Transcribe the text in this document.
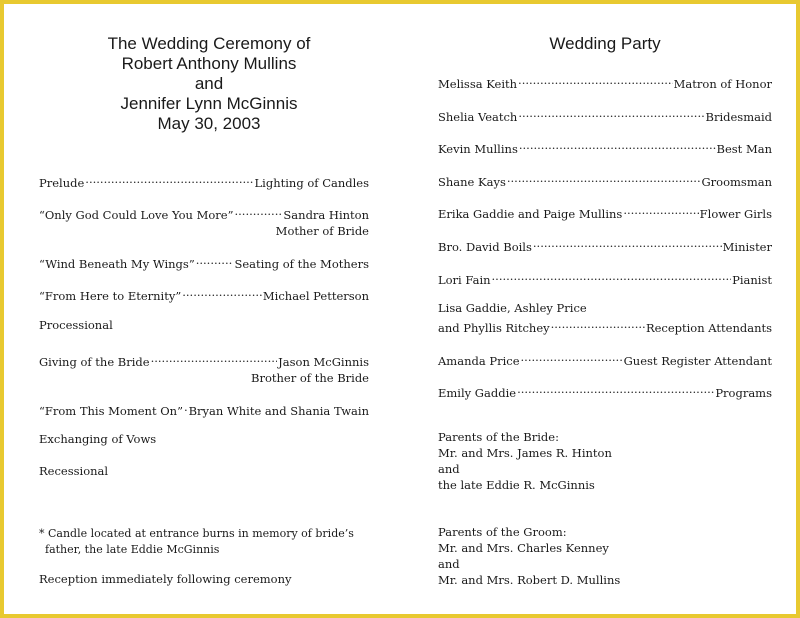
The Wedding Ceremony of

Robert Anthony Mullins

and

Jennifer Lynn McGinnis

May 30, 2003

Prelude .....	Lighting of Candles
“Only God Could Love You More” .....	Sandra Hinton
Mother of Bride
“Wind Beneath My Wings” .....	Seating of the Mothers
“From Here to Eternity” .....	Michael Petterson
Processional
Giving of the Bride .....	Jason McGinnis
Brother of the Bride
“From This Moment On” ..... Bryan White and Shania Twain
Exchanging of Vows
Recessional
* Candle located at entrance burns in memory of bride’s
father, the late Eddie McGinnis
Reception immediately following ceremony

Wedding Party

Melissa Keith .....	Matron of Honor
Shelia Veatch .....	Bridesmaid
Kevin Mullins .....	Best Man
Shane Kays .....	Groomsman
Erika Gaddie and Paige Mullins .....	Flower Girls
Bro. David Boils .....	Minister
Lori Fain .....	Pianist
Lisa Gaddie, Ashley Price
and Phyllis Ritchey .....	Reception Attendants
Amanda Price .....	Guest Register Attendant
Emily Gaddie .....	Programs
Parents of the Bride:
Mr. and Mrs. James R. Hinton
and
the late Eddie R. McGinnis
Parents of the Groom:
Mr. and Mrs. Charles Kenney
and
Mr. and Mrs. Robert D. Mullins
